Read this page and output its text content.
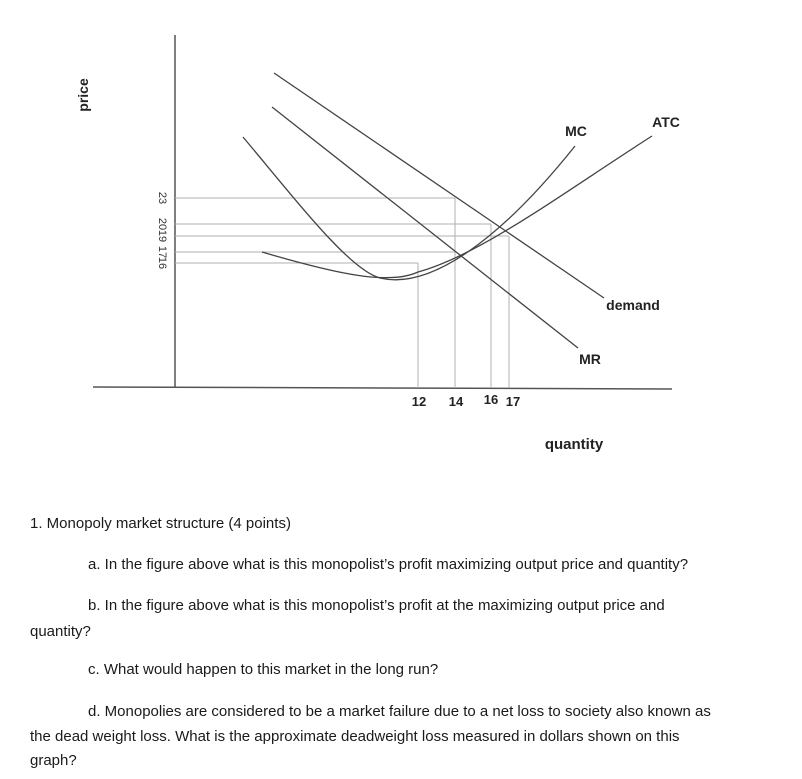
price
quantity
23
20
19
17
16
12 14 16 17
MC
ATC
demand
MR

1. Monopoly market structure (4 points)

a. In the figure above what is this monopolist’s profit maximizing output price and quantity?

b. In the figure above what is this monopolist’s profit at the maximizing output price and

quantity?

c. What would happen to this market in the long run?

d. Monopolies are considered to be a market failure due to a net loss to society also known as

the dead weight loss. What is the approximate deadweight loss measured in dollars shown on this

graph?
